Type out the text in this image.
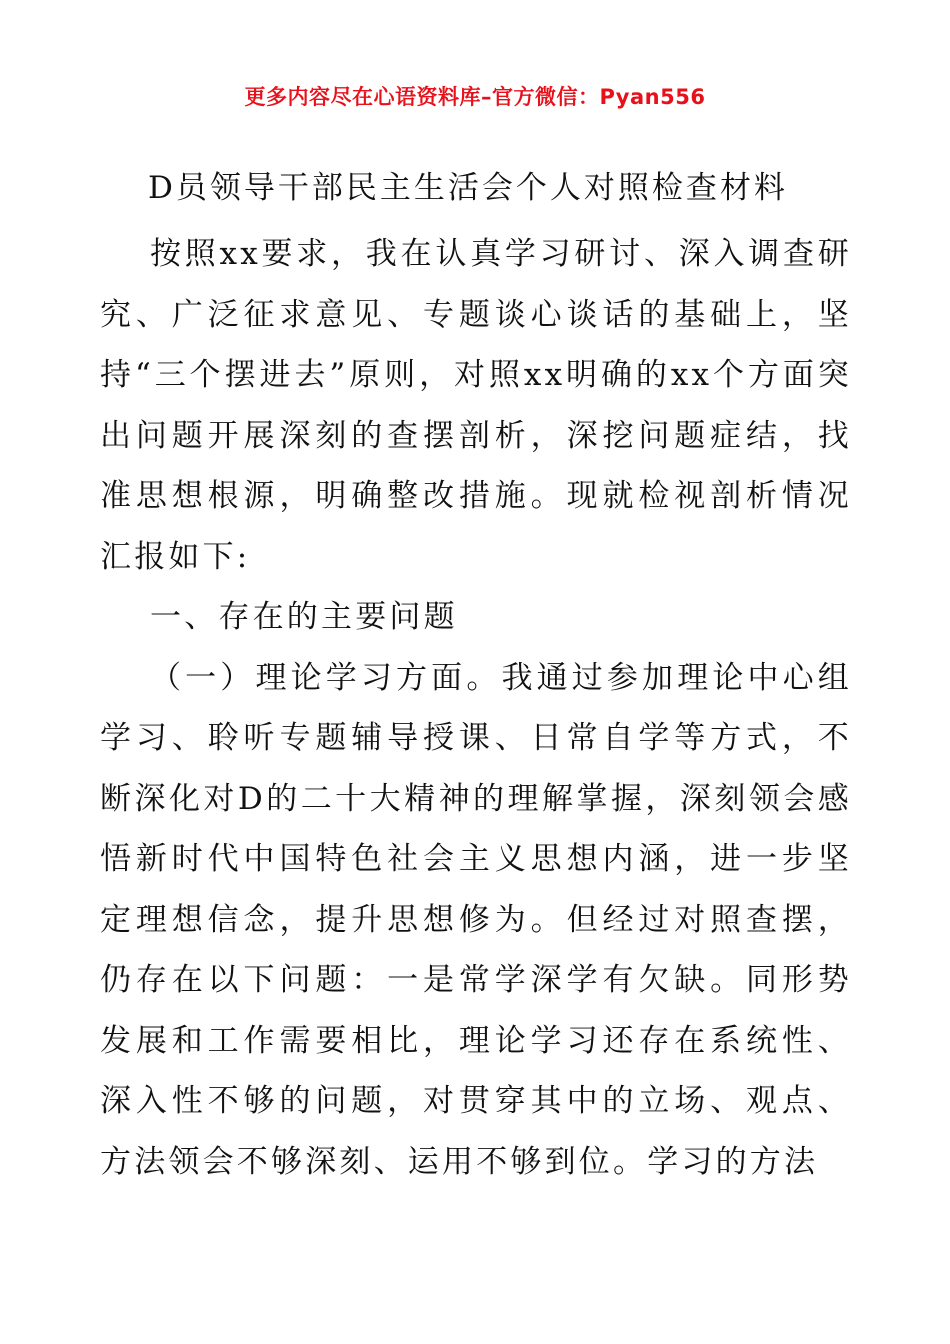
更多内容尽在心语资料库–官方微信：Pyan556
D员领导干部民主生活会个人对照检查材料

按照xx要求，我在认真学习研讨、深入调查研究、广泛征求意见、专题谈心谈话的基础上，坚持“三个摆进去”原则，对照xx明确的xx个方面突出问题开展深刻的查摆剖析，深挖问题症结，找准思想根源，明确整改措施。现就检视剖析情况汇报如下:

一、存在的主要问题

（一）理论学习方面。我通过参加理论中心组学习、聆听专题辅导授课、日常自学等方式，不断深化对D的二十大精神的理解掌握，深刻领会感悟新时代中国特色社会主义思想内涵，进一步坚定理想信念，提升思想修为。但经过对照查摆，仍存在以下问题：一是常学深学有欠缺。同形势发展和工作需要相比，理论学习还存在系统性、深入性不够的问题，对贯穿其中的立场、观点、方法领会不够深刻、运用不够到位。学习的方法
